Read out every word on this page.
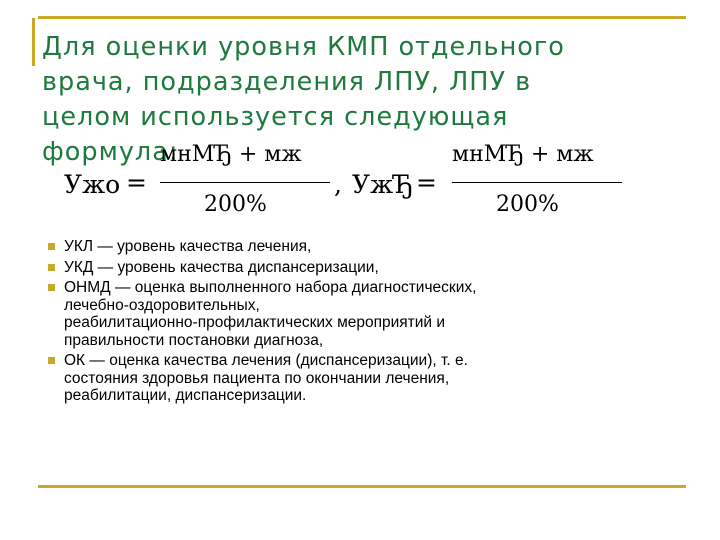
Для оценки уровня КМП отдельного
врача, подразделения ЛПУ, ЛПУ в
целом используется следующая
формула:
Ужо =
мнМЂ + мж
200%
, УжЂ =
мнМЂ + мж
200%
УКЛ — уровень качества лечения,
УКД — уровень качества диспансеризации,
ОНМД — оценка выполненного набора диагностических,
лечебно-оздоровительных,
реабилитационно-профилактических мероприятий и
правильности постановки диагноза,
ОК — оценка качества лечения (диспансеризации), т. е.
состояния здоровья пациента по окончании лечения,
реабилитации, диспансеризации.
